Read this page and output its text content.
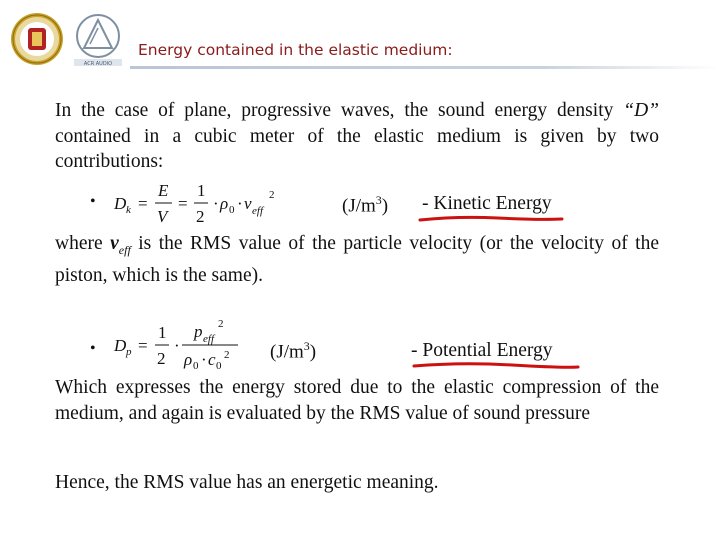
ACR AUDIO
Energy contained in the elastic medium:
In the case of plane, progressive waves, the sound energy density “D” contained in a cubic meter of the elastic medium is given by two contributions:
• D k =
E
V
=
1
2
· ρ 0 · v eff
2
$(J/m^3)$ - Kinetic Energy
where $v_{eff}$ is the RMS value of the particle velocity (or the velocity of the piston, which is the same).
• D p =
1
2
·
p eff
2
ρ 0 · c 0
2 $(J/m^3)$	- Potential Energy
Which expresses the energy stored due to the elastic compression of the medium, and again is evaluated by the RMS value of sound pressure
Hence, the RMS value has an energetic meaning.
